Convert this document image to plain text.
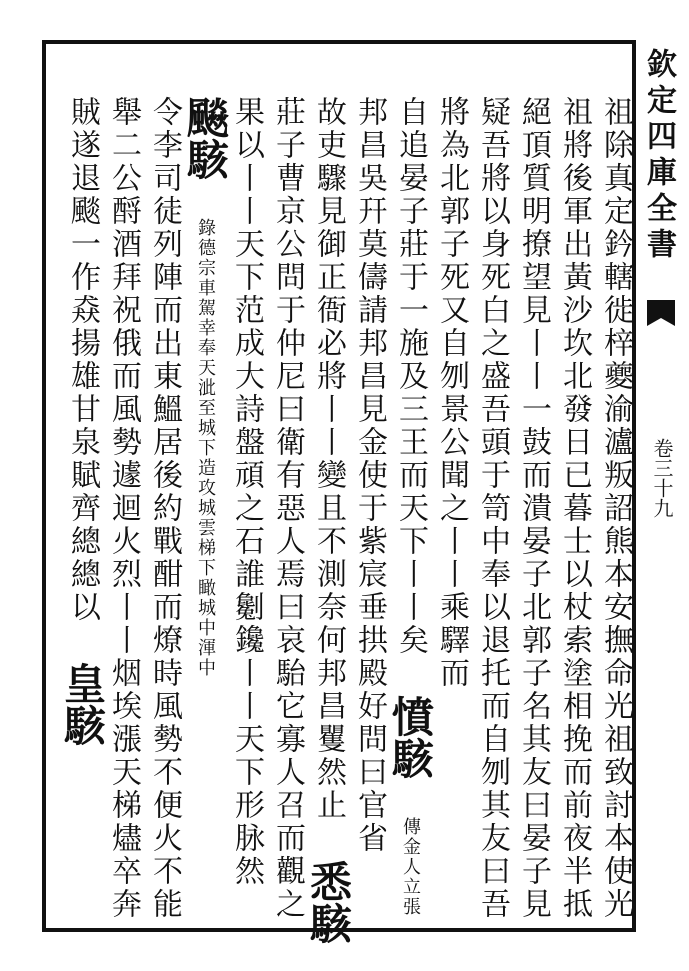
欽定四庫全書
卷三十九
祖除真定鈐轄徙梓夔渝瀘叛詔熊本安撫命光祖致討本使光
祖將後軍出黃沙坎北發日已暮士以杖索塗相挽而前夜半抵
絕頂質明撩望見丨丨一鼓而潰晏子北郭子名其友曰晏子見
疑吾將以身死白之盛吾頭于笥中奉以退托而自刎其友曰吾
將為北郭子死又自刎景公聞之丨丨乘驛而
自追晏子莊于一施及三王而天下丨丨矣 憤駭 傳金人立張
邦昌吳幵莫儔請邦昌見金使于紫宸垂拱殿好問曰官省
故吏驟見御正衙必將丨丨變且不測奈何邦昌矍然止 悉駭
莊子曹京公問于仲尼曰衛有惡人焉曰哀駘它寡人召而觀之
果以丨丨天下范成大詩盤頑之石誰劖鑱丨丨天下形脉然
飈駭 錄德宗車駕幸奉天泚至城下造攻城雲梯下瞰城中渾中
令李司徒列陣而出東鰮居後約戰酣而燎時風勢不便火不能
舉二公酹酒拜祝俄而風勢遽迴火烈丨丨烟埃漲天梯燼卒奔
賊遂退颷一作猋揚雄甘泉賦齊總總以 皇駭
